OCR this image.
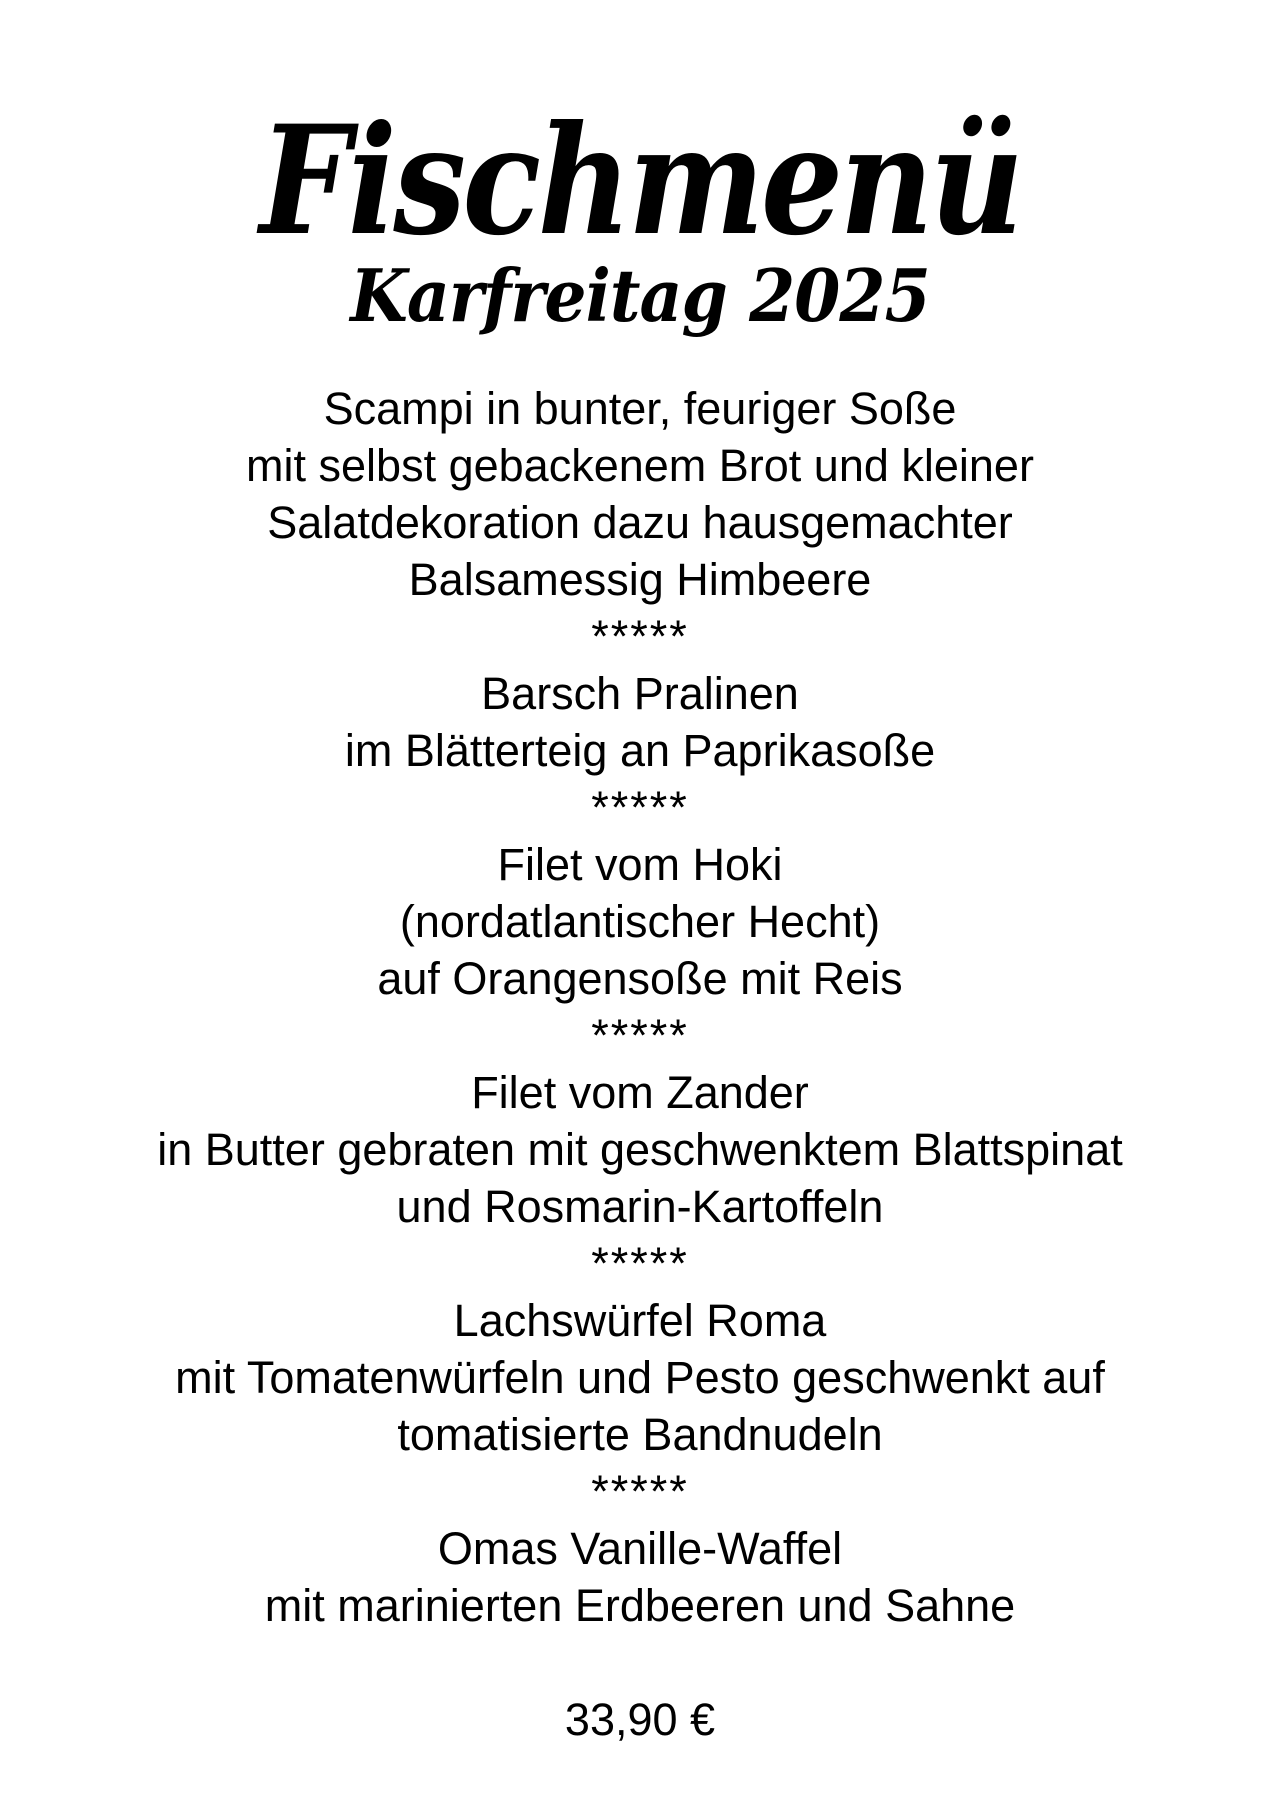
Fischmenü
Karfreitag 2025
Scampi in bunter, feuriger Soße
mit selbst gebackenem Brot und kleiner
Salatdekoration dazu hausgemachter
Balsamessig Himbeere
*****
Barsch Pralinen
im Blätterteig an Paprikasoße
*****
Filet vom Hoki
(nordatlantischer Hecht)
auf Orangensoße mit Reis
*****
Filet vom Zander
in Butter gebraten mit geschwenktem Blattspinat
und Rosmarin-Kartoffeln
*****
Lachswürfel Roma
mit Tomatenwürfeln und Pesto geschwenkt auf
tomatisierte Bandnudeln
*****
Omas Vanille-Waffel
mit marinierten Erdbeeren und Sahne
33,90 €
